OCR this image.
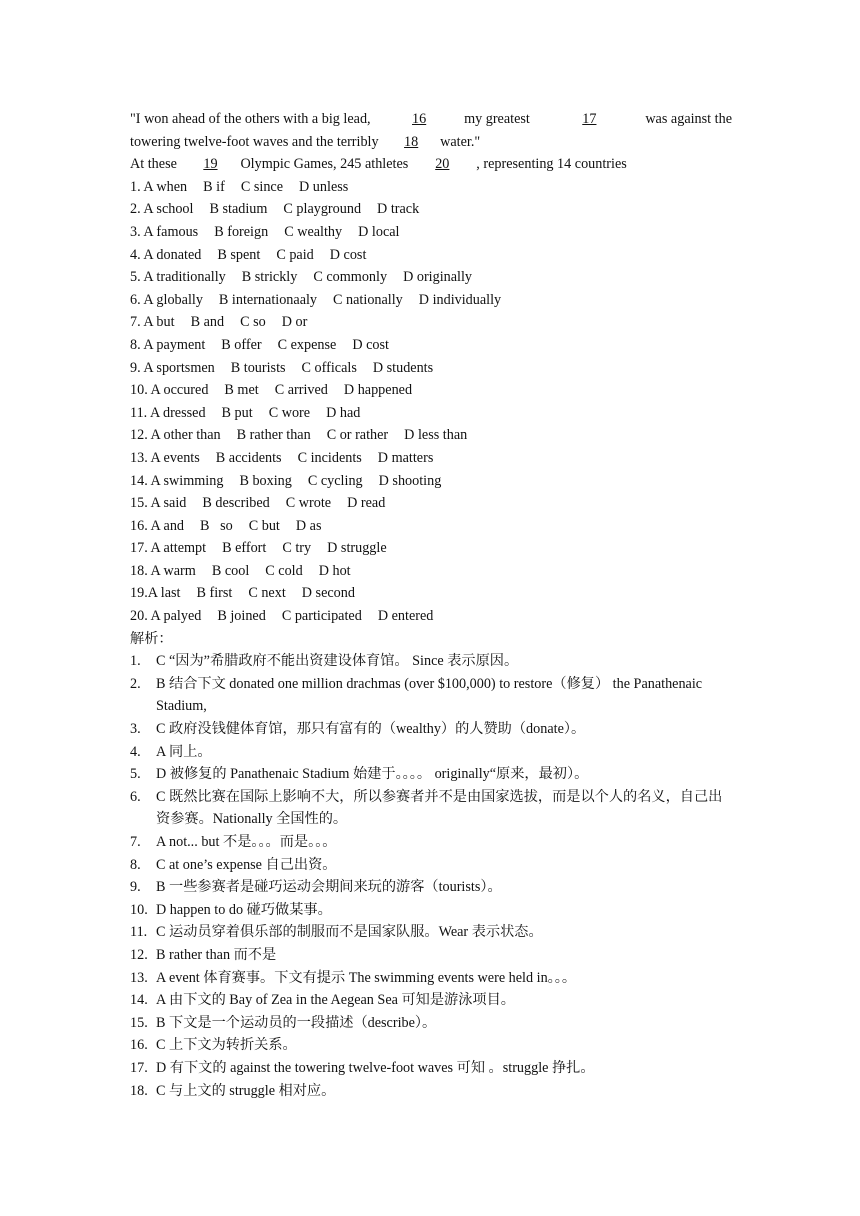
"I won ahead of the others with a big lead,	16	my greatest	17	was against the
towering twelve-foot waves and the terribly 18 water."
At these 19 Olympic Games, 245 athletes 20 , representing 14 countries
1. A when B if C since D unless
2. A school B stadium C playground D track
3. A famous B foreign C wealthy D local
4. A donated B spent C paid D cost
5. A traditionally B strickly C commonly D originally
6. A globally B internationaaly C nationally D individually
7. A but B and C so D or
8. A payment B offer C expense D cost
9. A sportsmen B tourists C officals D students
10. A occured B met C arrived D happened
11. A dressed B put C wore D had
12. A other than B rather than C or rather D less than
13. A events B accidents C incidents D matters
14. A swimming B boxing C cycling D shooting
15. A said B described C wrote D read
16. A and B   so C but D as
17. A attempt B effort C try D struggle
18. A warm B cool C cold D hot
19.A last B first C next D second
20. A palyed B joined C participated D entered
解析：
1. C “因为”希腊政府不能出资建设体育馆。 Since 表示原因。
2. B 结合下文 donated one million drachmas (over $100,000) to restore（修复） the Panathenaic Stadium,
3. C 政府没钱健体育馆，那只有富有的（wealthy）的人赞助（donate）。
4. A 同上。
5. D 被修复的 Panathenaic Stadium 始建于。。。。 originally“原来，最初）。
6. C 既然比赛在国际上影响不大，所以参赛者并不是由国家选拔，而是以个人的名义，自己出资参赛。Nationally 全国性的。
7. A not... but 不是。。。而是。。。
8. C at one’s expense 自己出资。
9. B 一些参赛者是碰巧运动会期间来玩的游客（tourists）。
10. D happen to do 碰巧做某事。
11. C 运动员穿着俱乐部的制服而不是国家队服。Wear 表示状态。
12. B rather than 而不是
13. A event 体育赛事。下文有提示 The swimming events were held in。。。
14. A 由下文的 Bay of Zea in the Aegean Sea 可知是游泳项目。
15. B 下文是一个运动员的一段描述（describe）。
16. C 上下文为转折关系。
17. D 有下文的 against the towering twelve-foot waves 可知 。struggle 挣扎。
18. C 与上文的 struggle 相对应。
